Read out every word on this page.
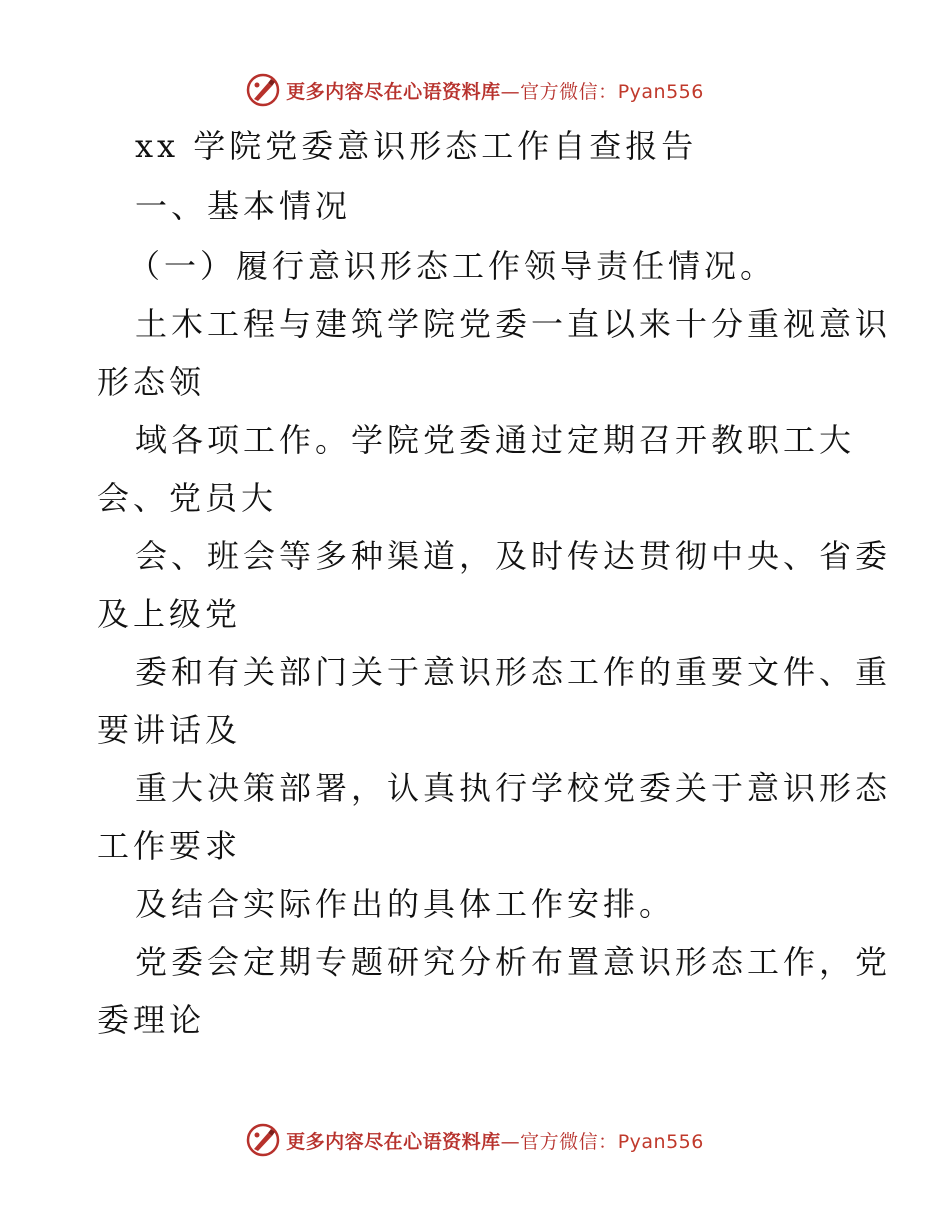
更多内容尽在心语资料库—官方微信：Pyan556
xx 学院党委意识形态工作自查报告
一、基本情况
（一）履行意识形态工作领导责任情况。
土木工程与建筑学院党委一直以来十分重视意识
形态领
域各项工作。学院党委通过定期召开教职工大
会、党员大
会、班会等多种渠道，及时传达贯彻中央、省委
及上级党
委和有关部门关于意识形态工作的重要文件、重
要讲话及
重大决策部署，认真执行学校党委关于意识形态
工作要求
及结合实际作出的具体工作安排。
党委会定期专题研究分析布置意识形态工作，党
委理论
更多内容尽在心语资料库—官方微信：Pyan556
